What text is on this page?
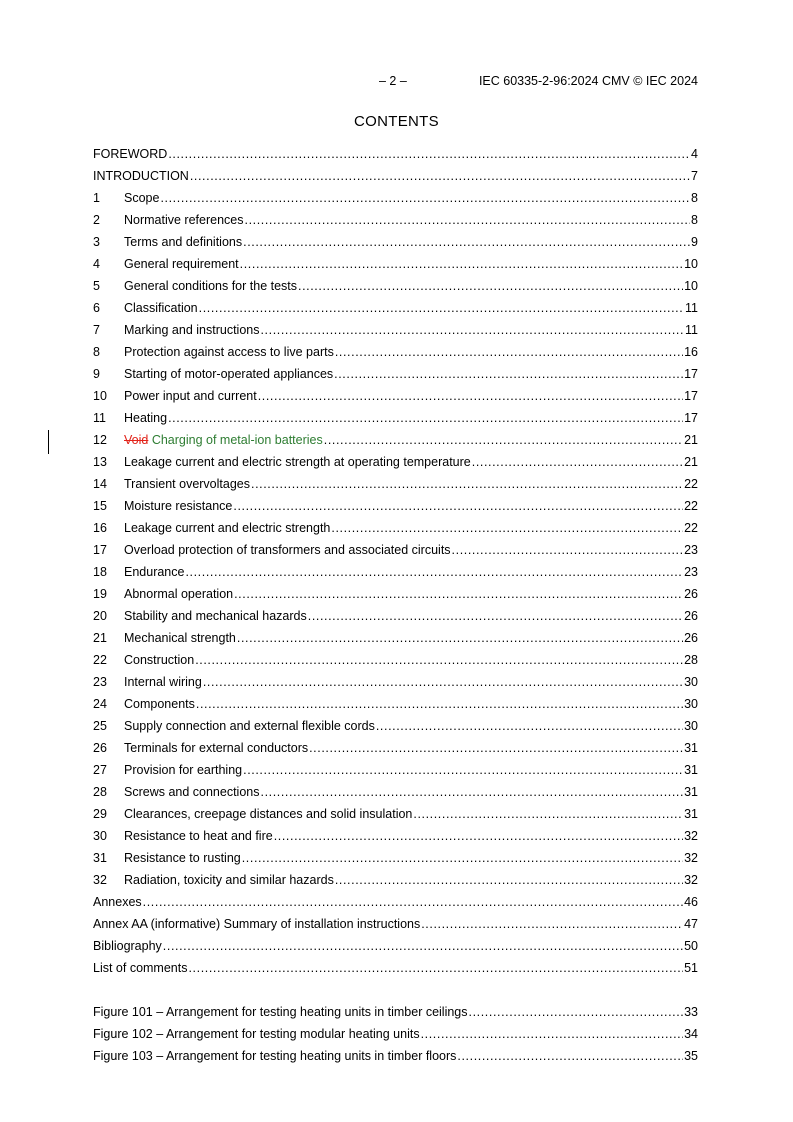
– 2 –	IEC 60335-2-96:2024 CMV © IEC 2024
CONTENTS
FOREWORD .....	4
INTRODUCTION .....	7
1	Scope .....	8
2	Normative references .....	8
3	Terms and definitions .....	9
4	General requirement .....	10
5	General conditions for the tests .....	10
6	Classification .....	11
7	Marking and instructions .....	11
8	Protection against access to live parts .....	16
9	Starting of motor-operated appliances .....	17
10	Power input and current .....	17
11	Heating .....	17
12	Void Charging of metal-ion batteries .....	21
13	Leakage current and electric strength at operating temperature .....	21
14	Transient overvoltages .....	22
15	Moisture resistance .....	22
16	Leakage current and electric strength .....	22
17	Overload protection of transformers and associated circuits .....	23
18	Endurance .....	23
19	Abnormal operation .....	26
20	Stability and mechanical hazards .....	26
21	Mechanical strength .....	26
22	Construction .....	28
23	Internal wiring .....	30
24	Components .....	30
25	Supply connection and external flexible cords .....	30
26	Terminals for external conductors .....	31
27	Provision for earthing .....	31
28	Screws and connections .....	31
29	Clearances, creepage distances and solid insulation .....	31
30	Resistance to heat and fire .....	32
31	Resistance to rusting .....	32
32	Radiation, toxicity and similar hazards .....	32
Annexes .....	46
Annex AA (informative) Summary of installation instructions .....	47
Bibliography .....	50
List of comments .....	51
Figure 101 – Arrangement for testing heating units in timber ceilings .....	33
Figure 102 – Arrangement for testing modular heating units .....	34
Figure 103 – Arrangement for testing heating units in timber floors .....	35
